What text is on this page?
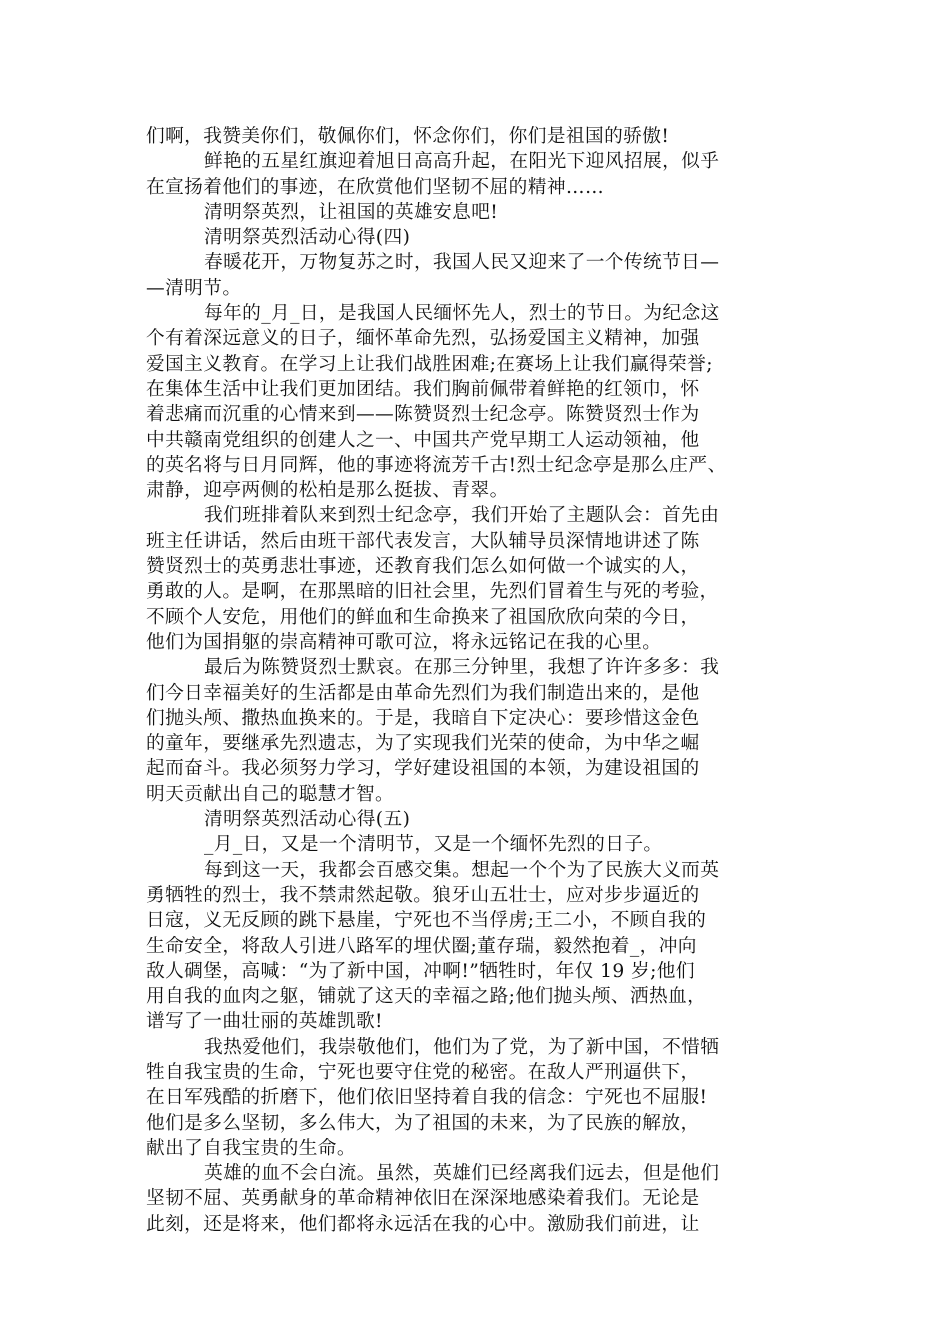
们啊，我赞美你们，敬佩你们，怀念你们，你们是祖国的骄傲!
鲜艳的五星红旗迎着旭日高高升起，在阳光下迎风招展，似乎
在宣扬着他们的事迹，在欣赏他们坚韧不屈的精神……
清明祭英烈，让祖国的英雄安息吧!
清明祭英烈活动心得(四)
春暖花开，万物复苏之时，我国人民又迎来了一个传统节日—
—清明节。
每年的_月_日，是我国人民缅怀先人，烈士的节日。为纪念这
个有着深远意义的日子，缅怀革命先烈，弘扬爱国主义精神，加强
爱国主义教育。在学习上让我们战胜困难;在赛场上让我们赢得荣誉;
在集体生活中让我们更加团结。我们胸前佩带着鲜艳的红领巾，怀
着悲痛而沉重的心情来到——陈赞贤烈士纪念亭。陈赞贤烈士作为
中共赣南党组织的创建人之一、中国共产党早期工人运动领袖，他
的英名将与日月同辉，他的事迹将流芳千古!烈士纪念亭是那么庄严、
肃静，迎亭两侧的松柏是那么挺拔、青翠。
我们班排着队来到烈士纪念亭，我们开始了主题队会：首先由
班主任讲话，然后由班干部代表发言，大队辅导员深情地讲述了陈
赞贤烈士的英勇悲壮事迹，还教育我们怎么如何做一个诚实的人，
勇敢的人。是啊，在那黑暗的旧社会里，先烈们冒着生与死的考验，
不顾个人安危，用他们的鲜血和生命换来了祖国欣欣向荣的今日，
他们为国捐躯的崇高精神可歌可泣，将永远铭记在我的心里。
最后为陈赞贤烈士默哀。在那三分钟里，我想了许许多多：我
们今日幸福美好的生活都是由革命先烈们为我们制造出来的，是他
们抛头颅、撒热血换来的。于是，我暗自下定决心：要珍惜这金色
的童年，要继承先烈遗志，为了实现我们光荣的使命，为中华之崛
起而奋斗。我必须努力学习，学好建设祖国的本领，为建设祖国的
明天贡献出自己的聪慧才智。
清明祭英烈活动心得(五)
_月_日，又是一个清明节，又是一个缅怀先烈的日子。
每到这一天，我都会百感交集。想起一个个为了民族大义而英
勇牺牲的烈士，我不禁肃然起敬。狼牙山五壮士，应对步步逼近的
日寇，义无反顾的跳下悬崖，宁死也不当俘虏;王二小，不顾自我的
生命安全，将敌人引进八路军的埋伏圈;董存瑞，毅然抱着_，冲向
敌人碉堡，高喊：“为了新中国，冲啊!”牺牲时，年仅 19 岁;他们
用自我的血肉之躯，铺就了这天的幸福之路;他们抛头颅、洒热血，
谱写了一曲壮丽的英雄凯歌!
我热爱他们，我崇敬他们，他们为了党，为了新中国，不惜牺
牲自我宝贵的生命，宁死也要守住党的秘密。在敌人严刑逼供下，
在日军残酷的折磨下，他们依旧坚持着自我的信念：宁死也不屈服!
他们是多么坚韧，多么伟大，为了祖国的未来，为了民族的解放，
献出了自我宝贵的生命。
英雄的血不会白流。虽然，英雄们已经离我们远去，但是他们
坚韧不屈、英勇献身的革命精神依旧在深深地感染着我们。无论是
此刻，还是将来，他们都将永远活在我的心中。激励我们前进，让
